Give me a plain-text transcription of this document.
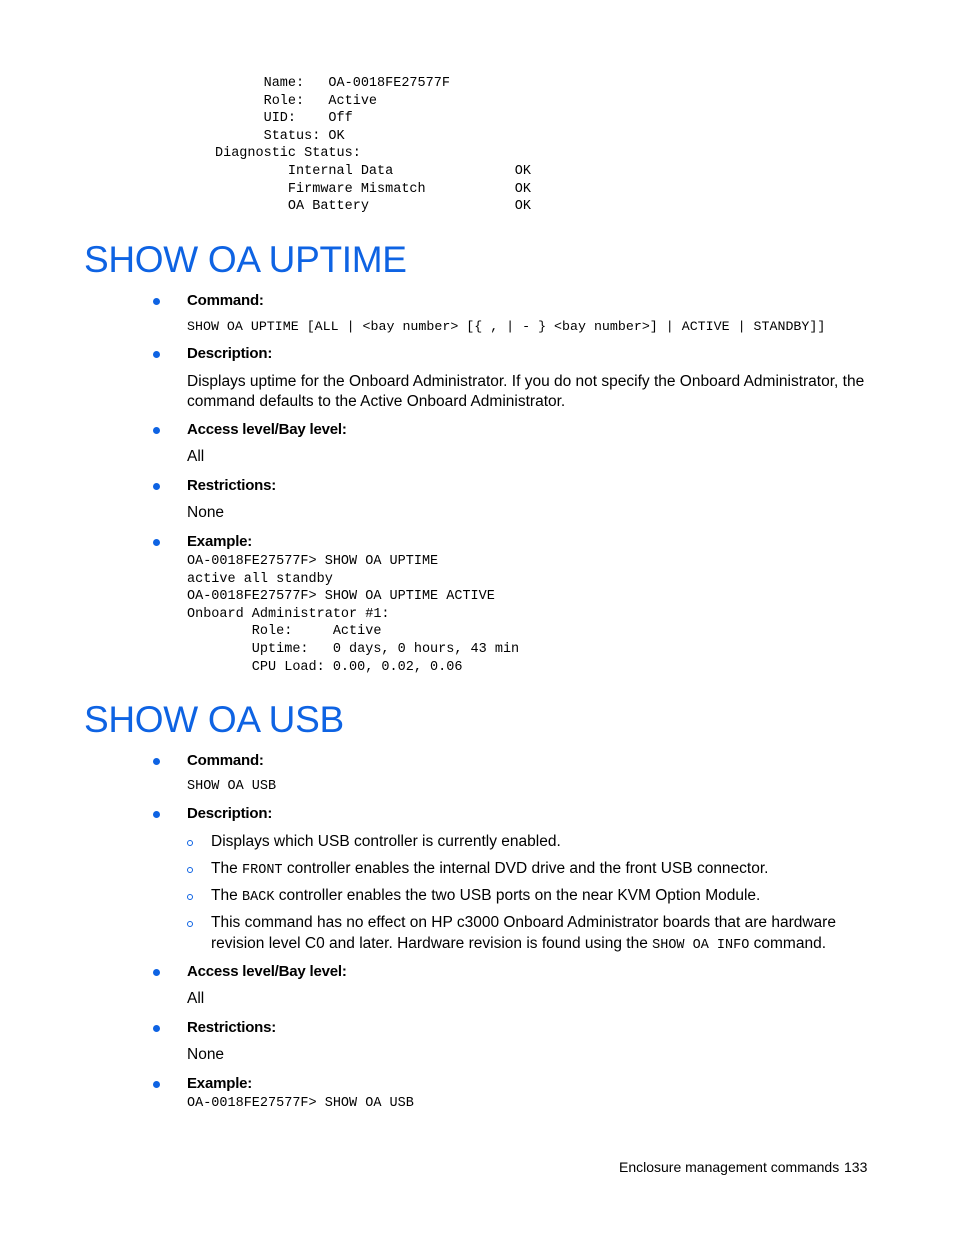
Name:   OA-0018FE27577F
Role:   Active
UID:    Off
Status: OK
Diagnostic Status:
Internal Data               OK
Firmware Mismatch           OK
OA Battery                  OK
SHOW OA UPTIME
Command:
SHOW OA UPTIME [ALL | <bay number> [{ , | - } <bay number>] | ACTIVE | STANDBY]]
Description:
Displays uptime for the Onboard Administrator. If you do not specify the Onboard Administrator, the
command defaults to the Active Onboard Administrator.
Access level/Bay level:
All
Restrictions:
None
Example:
OA-0018FE27577F> SHOW OA UPTIME
active all standby
OA-0018FE27577F> SHOW OA UPTIME ACTIVE
Onboard Administrator #1:
Role:     Active
Uptime:   0 days, 0 hours, 43 min
CPU Load: 0.00, 0.02, 0.06
SHOW OA USB
Command:
SHOW OA USB
Description:
Displays which USB controller is currently enabled.
The FRONT controller enables the internal DVD drive and the front USB connector.
The BACK controller enables the two USB ports on the near KVM Option Module.
This command has no effect on HP c3000 Onboard Administrator boards that are hardware
revision level C0 and later. Hardware revision is found using the SHOW OA INFO command.
Access level/Bay level:
All
Restrictions:
None
Example:
OA-0018FE27577F> SHOW OA USB
Enclosure management commands 133
